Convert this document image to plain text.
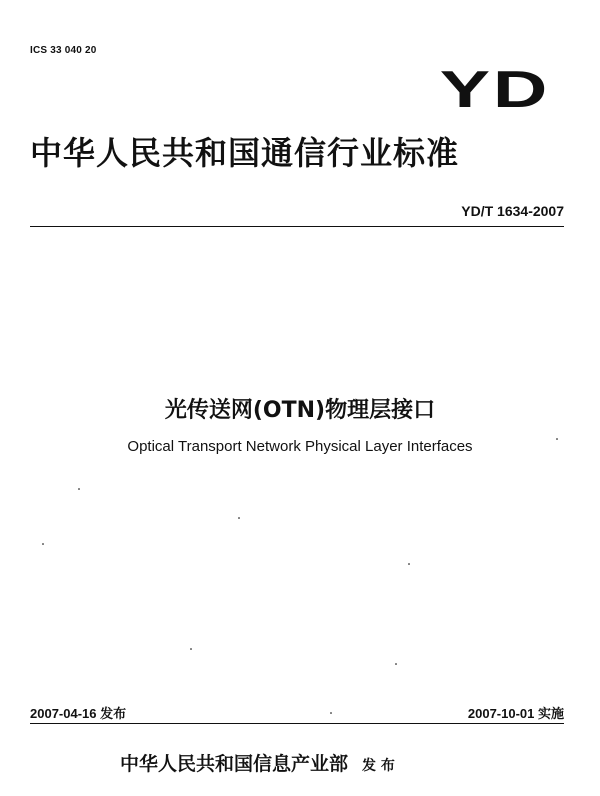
ICS 33 040 20
YD
中华人民共和国通信行业标准
YD/T 1634-2007
光传送网(OTN)物理层接口
Optical Transport Network Physical Layer Interfaces
2007-04-16 发布	2007-10-01 实施
中华人民共和国信息产业部 发 布
